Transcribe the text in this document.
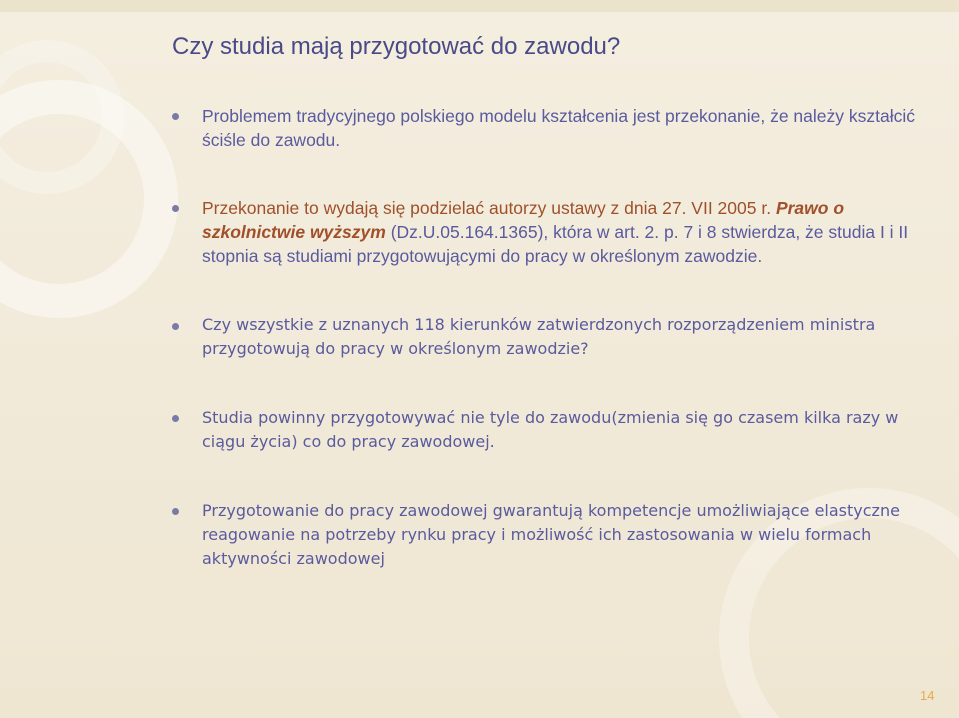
Czy studia mają przygotować do zawodu?

Problemem tradycyjnego polskiego modelu kształcenia jest przekonanie, że należy kształcić ściśle do zawodu.

Przekonanie to wydają się podzielać autorzy ustawy z dnia 27. VII 2005 r. Prawo o szkolnictwie wyższym (Dz.U.05.164.1365), która w art. 2. p. 7 i 8 stwierdza, że studia I i II stopnia są studiami przygotowującymi do pracy w określonym zawodzie.

Czy wszystkie z uznanych 118 kierunków zatwierdzonych rozporządzeniem ministra przygotowują do pracy w określonym zawodzie?

Studia powinny przygotowywać nie tyle do zawodu(zmienia się go czasem kilka razy w ciągu życia) co do pracy zawodowej.

Przygotowanie do pracy zawodowej gwarantują kompetencje umożliwiające elastyczne reagowanie na potrzeby rynku pracy i możliwość ich zastosowania w wielu formach aktywności zawodowej

14
